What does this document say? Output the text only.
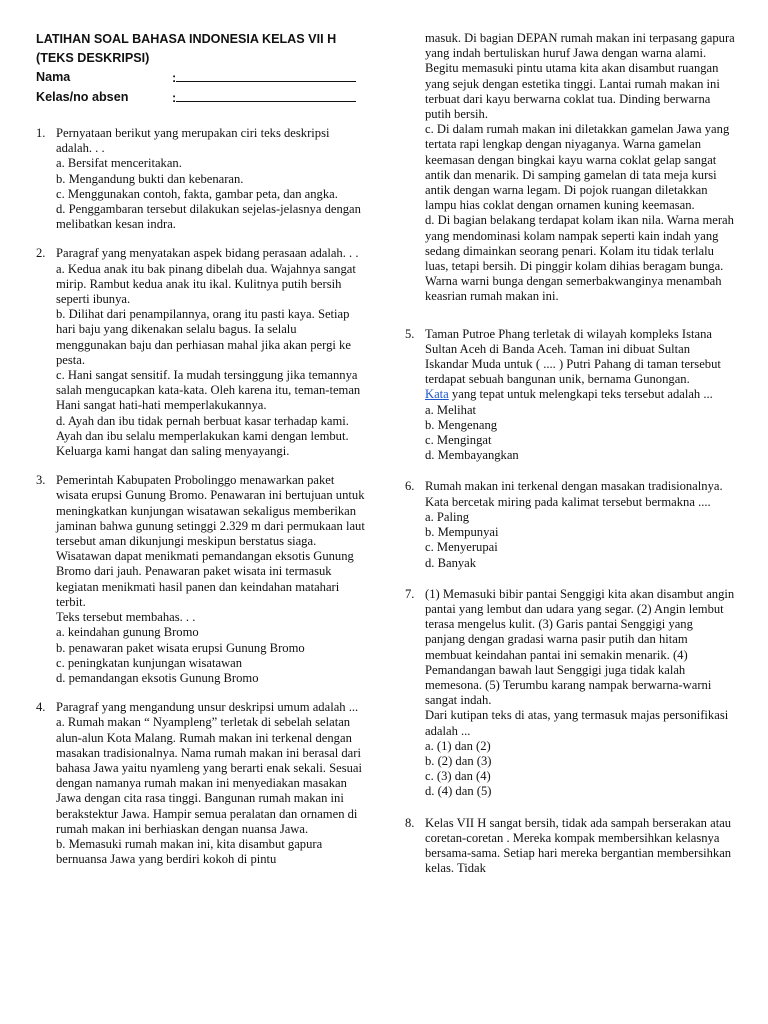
LATIHAN SOAL BAHASA INDONESIA KELAS VII H
(TEKS DESKRIPSI)
Nama	:
Kelas/no absen	:
1. Pernyataan berikut yang merupakan ciri teks deskripsi adalah. . .
a. Bersifat menceritakan.
b. Mengandung bukti dan kebenaran.
c. Menggunakan contoh, fakta, gambar peta, dan angka.
d. Penggambaran tersebut dilakukan sejelas-jelasnya dengan melibatkan kesan indra.
2. Paragraf yang menyatakan aspek bidang perasaan adalah. . .
a. Kedua anak itu bak pinang dibelah dua. Wajahnya sangat mirip. Rambut kedua anak itu ikal. Kulitnya putih bersih seperti ibunya.
b. Dilihat dari penampilannya, orang itu pasti kaya. Setiap hari baju yang dikenakan selalu bagus. Ia selalu menggunakan baju dan perhiasan mahal jika akan pergi ke pesta.
c. Hani sangat sensitif. Ia mudah tersinggung jika temannya salah mengucapkan kata-kata. Oleh karena itu, teman-teman Hani sangat hati-hati memperlakukannya.
d. Ayah dan ibu tidak pernah berbuat kasar terhadap kami. Ayah dan ibu selalu memperlakukan kami dengan lembut. Keluarga kami hangat dan saling menyayangi.
3. Pemerintah Kabupaten Probolinggo menawarkan paket wisata erupsi Gunung Bromo. Penawaran ini bertujuan untuk meningkatkan kunjungan wisatawan sekaligus memberikan jaminan bahwa gunung setinggi 2.329 m dari permukaan laut tersebut aman dikunjungi meskipun berstatus siaga. Wisatawan dapat menikmati pemandangan eksotis Gunung Bromo dari jauh. Penawaran paket wisata ini termasuk kegiatan menikmati hasil panen dan keindahan matahari terbit.
Teks tersebut membahas. . .
a. keindahan gunung Bromo
b. penawaran paket wisata erupsi Gunung Bromo
c. peningkatan kunjungan wisatawan
d. pemandangan eksotis Gunung Bromo
4. Paragraf yang mengandung unsur deskripsi umum adalah ...
a. Rumah makan “ Nyampleng” terletak di sebelah selatan alun-alun Kota Malang. Rumah makan ini terkenal dengan masakan tradisionalnya. Nama rumah makan ini berasal dari bahasa Jawa yaitu nyamleng yang berarti enak sekali. Sesuai dengan namanya rumah makan ini menyediakan masakan Jawa dengan cita rasa tinggi. Bangunan rumah makan ini berakstektur Jawa. Hampir semua peralatan dan ornamen di rumah makan ini berhiaskan dengan nuansa Jawa.
b. Memasuki rumah makan ini, kita disambut gapura bernuansa Jawa yang berdiri kokoh di pintu
masuk. Di bagian DEPAN rumah makan ini terpasang gapura yang indah bertuliskan huruf Jawa dengan warna alami. Begitu memasuki pintu utama kita akan disambut ruangan yang sejuk dengan estetika tinggi. Lantai rumah makan ini terbuat dari kayu berwarna coklat tua. Dinding berwarna putih bersih.
c. Di dalam rumah makan ini diletakkan gamelan Jawa yang tertata rapi lengkap dengan niyaganya. Warna gamelan keemasan dengan bingkai kayu warna coklat gelap sangat antik dan menarik. Di samping gamelan di tata meja kursi antik dengan warna legam. Di pojok ruangan diletakkan lampu hias coklat dengan ornamen kuning keemasan.
d. Di bagian belakang terdapat kolam ikan nila. Warna merah yang mendominasi kolam nampak seperti kain indah yang sedang dimainkan seorang penari. Kolam itu tidak terlalu luas, tetapi bersih. Di pinggir kolam dihias beragam bunga. Warna warni bunga dengan semerbakwanginya menambah keasrian rumah makan ini.
5. Taman Putroe Phang terletak di wilayah kompleks Istana Sultan Aceh di Banda Aceh. Taman ini dibuat Sultan Iskandar Muda untuk ( .... ) Putri Pahang di taman tersebut terdapat sebuah bangunan unik, bernama Gunongan.
Kata yang tepat untuk melengkapi teks tersebut adalah ...
a. Melihat
b. Mengenang
c. Mengingat
d. Membayangkan
6. Rumah makan ini terkenal dengan masakan tradisionalnya.
Kata bercetak miring pada kalimat tersebut bermakna ....
a. Paling
b. Mempunyai
c. Menyerupai
d. Banyak
7. (1) Memasuki bibir pantai Senggigi kita akan disambut angin pantai yang lembut dan udara yang segar. (2) Angin lembut terasa mengelus kulit. (3) Garis pantai Senggigi yang panjang dengan gradasi warna pasir putih dan hitam membuat keindahan pantai ini semakin menarik. (4) Pemandangan bawah laut Senggigi juga tidak kalah memesona. (5) Terumbu karang nampak berwarna-warni sangat indah.
Dari kutipan teks di atas, yang termasuk majas personifikasi adalah ...
a. (1) dan (2)
b. (2) dan (3)
c. (3) dan (4)
d. (4) dan (5)
8. Kelas VII H sangat bersih, tidak ada sampah berserakan atau coretan-coretan . Mereka kompak membersihkan kelasnya bersama-sama. Setiap hari mereka bergantian membersihkan kelas. Tidak
